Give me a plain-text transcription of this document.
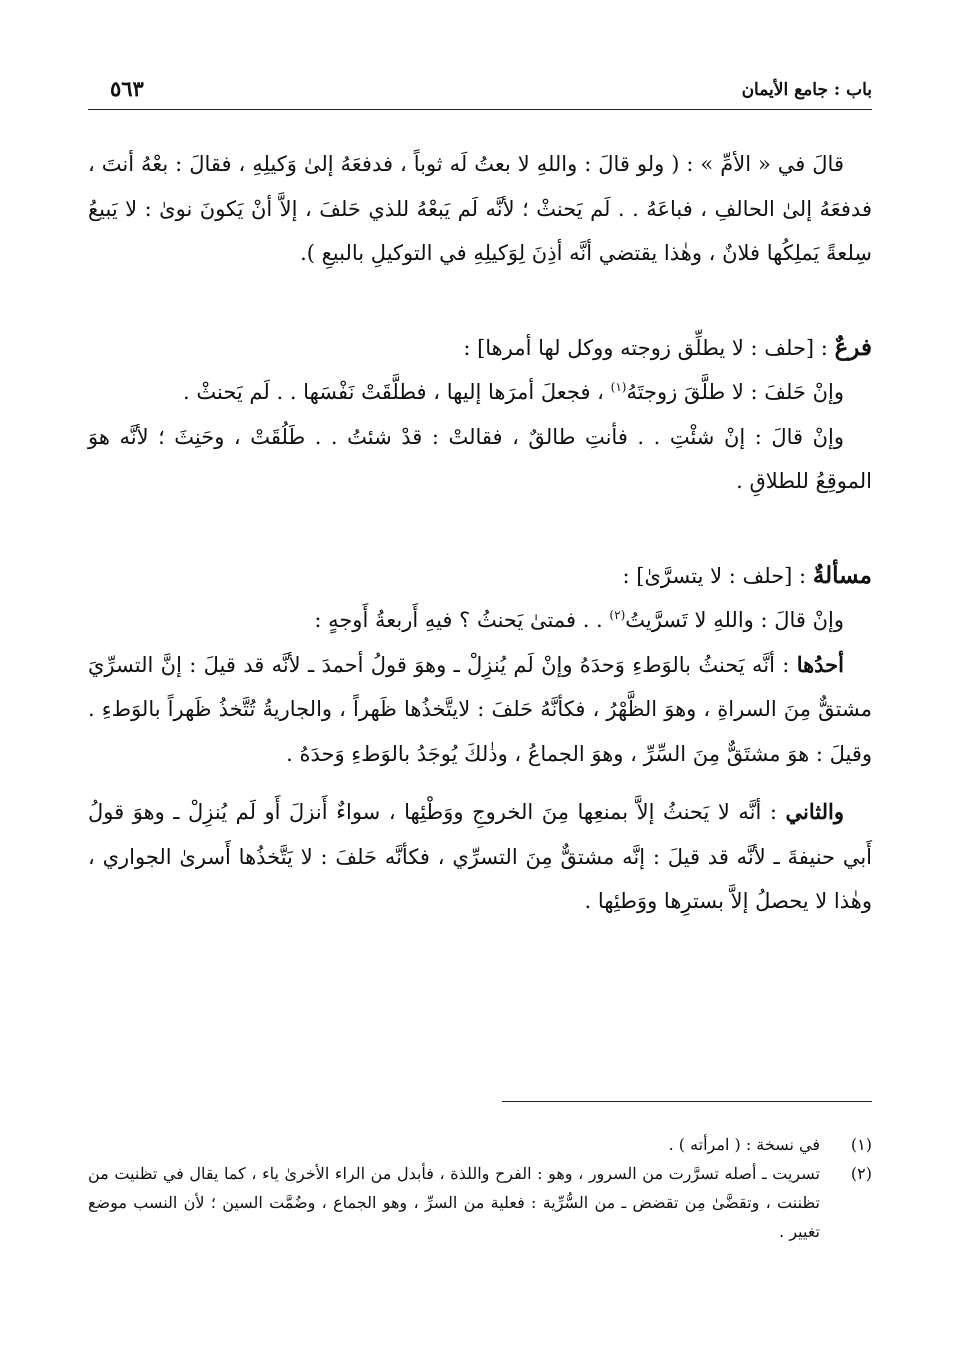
باب : جامع الأيمان
٥٦٣

قالَ في « الأمِّ » : ( ولو قالَ : واللهِ لا بعتُ لَه ثوباً ، فدفعَهُ إلىٰ وَكيلِهِ ، فقالَ : بعْهُ أنتَ ، فدفعَهُ إلىٰ الحالفِ ، فباعَهُ . . لَم يَحنثْ ؛ لأنَّه لَم يَبعْهُ للذي حَلفَ ، إلاَّ أنْ يَكونَ نوىٰ : لا يَبيعُ سِلعةً يَملِكُها فلانٌ ، وهٰذا يقتضي أنَّه أذِنَ لِوَكيلِهِ في التوكيلِ بالبيعِ ).

فرعٌ : [حلف : لا يطلِّق زوجته ووكل لها أمرها] :

وإنْ حَلفَ : لا طلَّقَ زوجتَهُ$^{(١)}$ ، فجعلَ أمرَها إليها ، فطلَّقَتْ نَفْسَها . . لَم يَحنثْ .

وإنْ قالَ : إنْ شئْتِ . . فأنتِ طالقٌ ، فقالتْ : قدْ شئتُ . . طَلُقَتْ ، وحَنِثَ ؛ لأنَّه هوَ الموقِعُ للطلاقِ .

مسألةٌ : [حلف : لا يتسرَّىٰ] :

وإنْ قالَ : واللهِ لا تَسرَّيتُ$^{(٢)}$ . . فمتىٰ يَحنثُ ؟ فيهِ أَربعةُ أَوجهٍ :

أحدُها : أنَّه يَحنثُ بالوَطءِ وَحدَهُ وإنْ لَم يُنزِلْ ـ وهوَ قولُ أحمدَ ـ لأنَّه قد قيلَ : إنَّ التسرِّيَ مشتقٌّ مِنَ السراةِ ، وهوَ الظَّهْرُ ، فكأنَّهُ حَلفَ : لايتَّخذُها ظَهراً ، والجاريةُ تُتَّخذُ ظَهراً بالوَطءِ . وقيلَ : هوَ مشتَقٌّ مِنَ السِّرِّ ، وهوَ الجماعُ ، وذٰلكَ يُوجَدُ بالوَطءِ وَحدَهُ .

والثاني : أنَّه لا يَحنثُ إلاَّ بمنعِها مِنَ الخروجِ ووَطْئِها ، سواءٌ أَنزلَ أَو لَم يُنزِلْ ـ وهوَ قولُ أَبي حنيفةَ ـ لأنَّه قد قيلَ : إنَّه مشتقٌّ مِنَ التسرِّي ، فكأنَّه حَلفَ : لا يَتَّخذُها أَسرىٰ الجواري ، وهٰذا لا يحصلُ إلاَّ بسترِها ووَطئِها .

(١)
في نسخة : ( امرأته ) .

(٢)
تسريت ـ أصله تسرَّرت من السرور ، وهو : الفرح واللذة ، فأبدل من الراء الأخرىٰ ياء ، كما يقال في تظنيت من تظننت ، وتقضَّىٰ مِن تقضض ـ من السُّرِّية : فعلية من السرِّ ، وهو الجماع ، وضُمَّت السين ؛ لأن النسب موضع تغيير .
